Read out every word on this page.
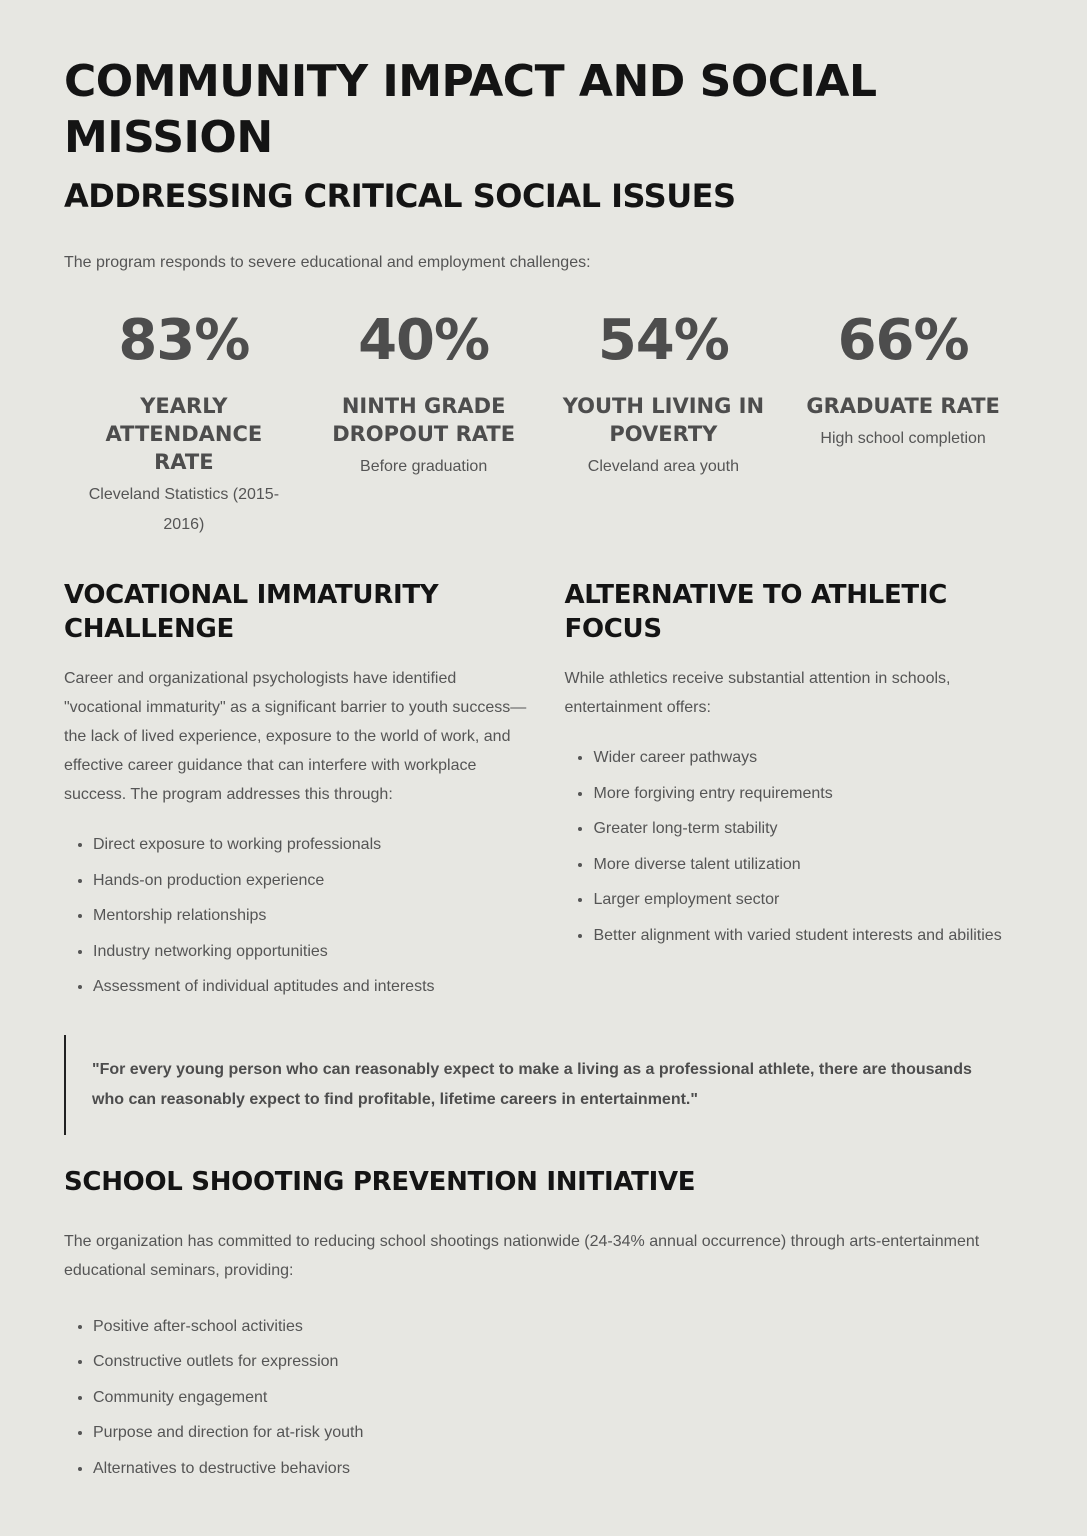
COMMUNITY IMPACT AND SOCIAL MISSION
ADDRESSING CRITICAL SOCIAL ISSUES

The program responds to severe educational and employment challenges:

83%
YEARLY ATTENDANCE RATE
Cleveland Statistics (2015-2016)
40%
NINTH GRADE DROPOUT RATE
Before graduation
54%
YOUTH LIVING IN POVERTY
Cleveland area youth
66%
GRADUATE RATE
High school completion
VOCATIONAL IMMATURITY CHALLENGE

Career and organizational psychologists have identified "vocational immaturity" as a significant barrier to youth success—the lack of lived experience, exposure to the world of work, and effective career guidance that can interfere with workplace success. The program addresses this through:

• Direct exposure to working professionals
• Hands-on production experience
• Mentorship relationships
• Industry networking opportunities
• Assessment of individual aptitudes and interests
ALTERNATIVE TO ATHLETIC FOCUS

While athletics receive substantial attention in schools, entertainment offers:

• Wider career pathways
• More forgiving entry requirements
• Greater long-term stability
• More diverse talent utilization
• Larger employment sector
• Better alignment with varied student interests and abilities
"For every young person who can reasonably expect to make a living as a professional athlete, there are thousands who can reasonably expect to find profitable, lifetime careers in entertainment."
SCHOOL SHOOTING PREVENTION INITIATIVE

The organization has committed to reducing school shootings nationwide (24-34% annual occurrence) through arts-entertainment educational seminars, providing:

• Positive after-school activities
• Constructive outlets for expression
• Community engagement
• Purpose and direction for at-risk youth
• Alternatives to destructive behaviors
